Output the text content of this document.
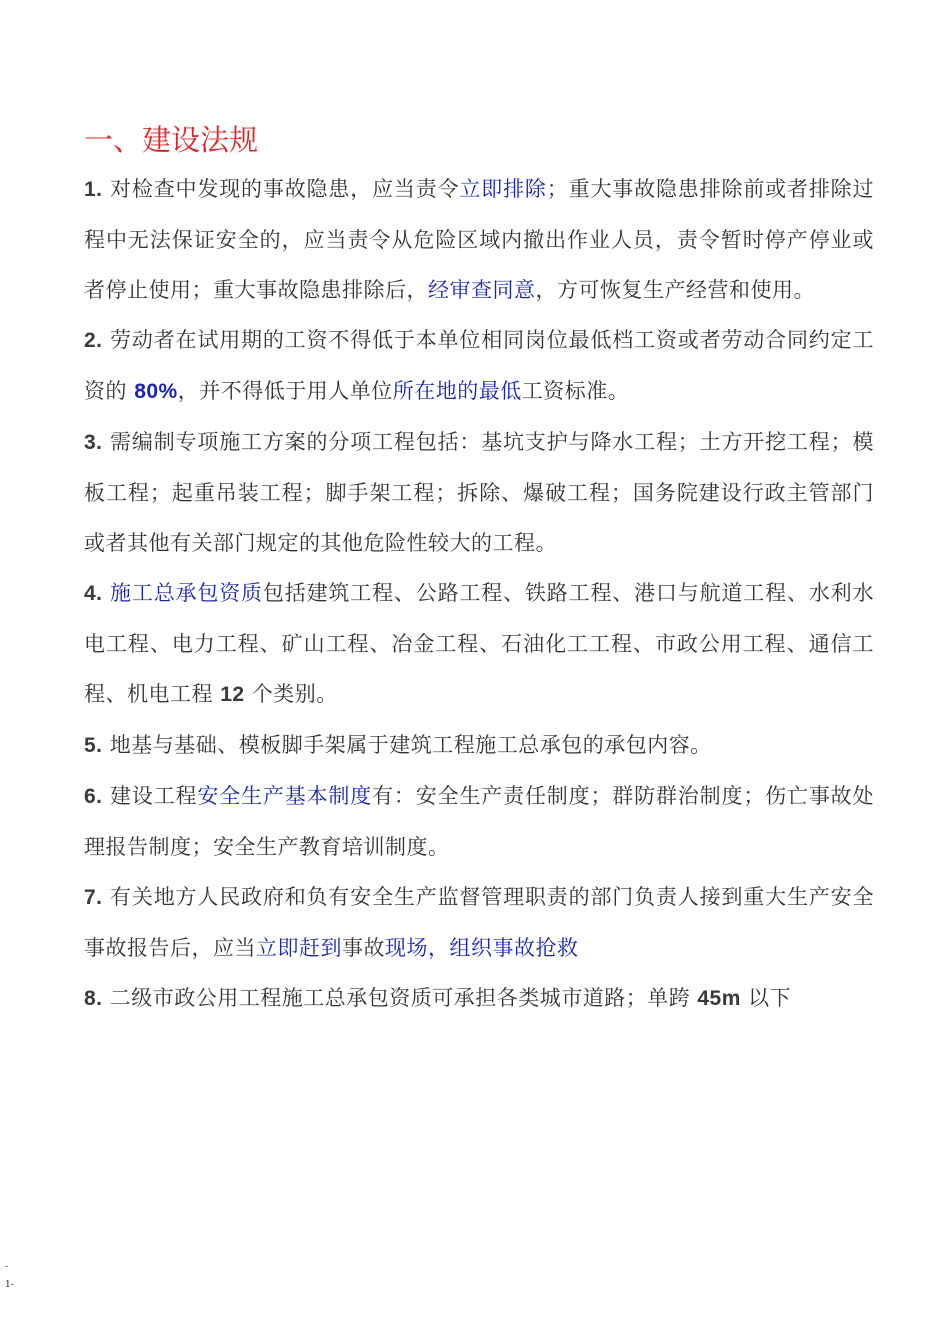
一、建设法规

1. 对检查中发现的事故隐患，应当责令立即排除；重大事故隐患排除前或者排除过程中无法保证安全的，应当责令从危险区域内撤出作业人员，责令暂时停产停业或者停止使用；重大事故隐患排除后，经审查同意，方可恢复生产经营和使用。

2. 劳动者在试用期的工资不得低于本单位相同岗位最低档工资或者劳动合同约定工资的 80%，并不得低于用人单位所在地的最低工资标准。

3. 需编制专项施工方案的分项工程包括：基坑支护与降水工程；土方开挖工程；模板工程；起重吊装工程；脚手架工程；拆除、爆破工程；国务院建设行政主管部门或者其他有关部门规定的其他危险性较大的工程。

4. 施工总承包资质包括建筑工程、公路工程、铁路工程、港口与航道工程、水利水电工程、电力工程、矿山工程、冶金工程、石油化工工程、市政公用工程、通信工程、机电工程 12 个类别。

5. 地基与基础、模板脚手架属于建筑工程施工总承包的承包内容。

6. 建设工程安全生产基本制度有：安全生产责任制度；群防群治制度；伤亡事故处理报告制度；安全生产教育培训制度。

7. 有关地方人民政府和负有安全生产监督管理职责的部门负责人接到重大生产安全事故报告后，应当立即赶到事故现场，组织事故抢救

8. 二级市政公用工程施工总承包资质可承担各类城市道路；单跨 45m 以下

-
1-
